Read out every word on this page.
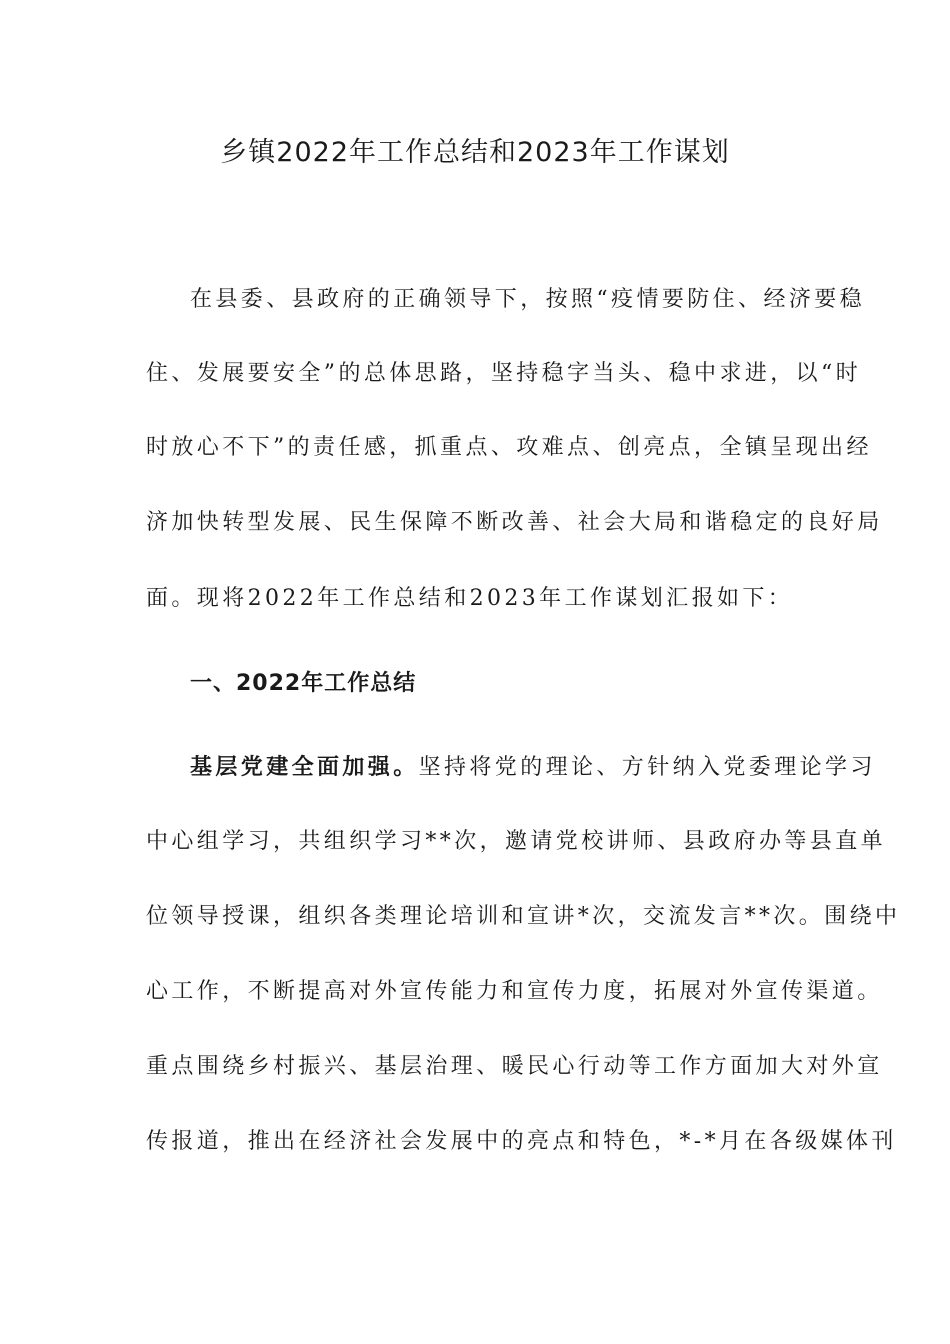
乡镇2022年工作总结和2023年工作谋划
在县委、县政府的正确领导下，按照“疫情要防住、经济要稳
住、发展要安全”的总体思路，坚持稳字当头、稳中求进，以“时
时放心不下”的责任感，抓重点、攻难点、创亮点，全镇呈现出经
济加快转型发展、民生保障不断改善、社会大局和谐稳定的良好局
面。现将2022年工作总结和2023年工作谋划汇报如下：
一、2022年工作总结
基层党建全面加强。坚持将党的理论、方针纳入党委理论学习
中心组学习，共组织学习**次，邀请党校讲师、县政府办等县直单
位领导授课，组织各类理论培训和宣讲*次，交流发言**次。围绕中
心工作，不断提高对外宣传能力和宣传力度，拓展对外宣传渠道。
重点围绕乡村振兴、基层治理、暖民心行动等工作方面加大对外宣
传报道，推出在经济社会发展中的亮点和特色，*-*月在各级媒体刊
